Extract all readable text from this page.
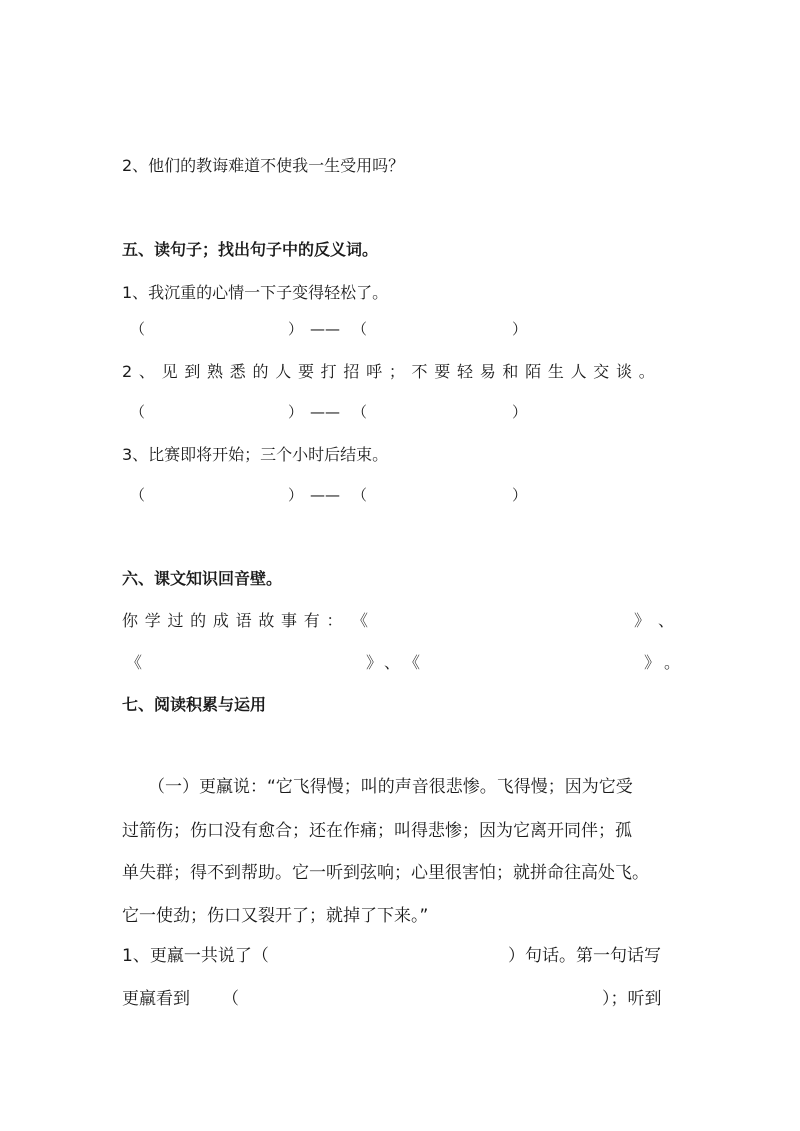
2、他们的教诲难道不使我一生受用吗？
五、读句子；找出句子中的反义词。
1、我沉重的心情一下子变得轻松了。
（	） —— （	）
2、见到熟悉的人要打招呼；不要轻易和陌生人交谈。
（	） —— （	）
3、比赛即将开始；三个小时后结束。
（	） —— （	）
六、课文知识回音壁。
你学过的成语故事有： 《	》 、
《	》 、 《	》 。
七、阅读积累与运用
（一）更羸说：“它飞得慢；叫的声音很悲惨。飞得慢；因为它受
过箭伤；伤口没有愈合；还在作痛；叫得悲惨；因为它离开同伴；孤
单失群；得不到帮助。它一听到弦响；心里很害怕；就拼命往高处飞。
它一使劲；伤口又裂开了；就掉了下来。”
1、更羸一共说了（	）句话。第一句话写
更羸看到 （	）；听到
